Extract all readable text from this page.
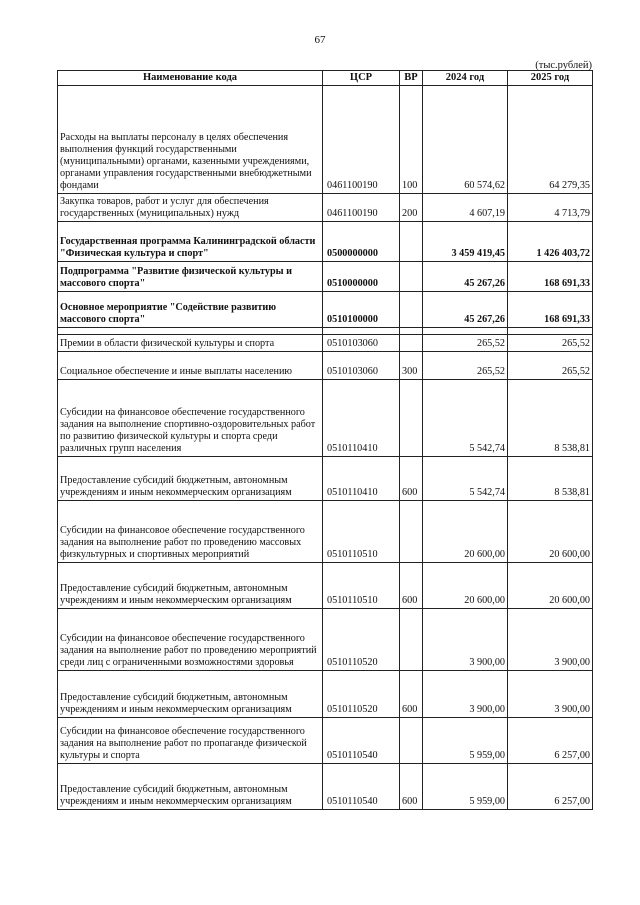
67
(тыс.рублей)
Наименование кода	ЦСР	ВР	2024 год	2025 год
Расходы на выплаты персоналу в целях обеспечения выполнения функций государственными (муниципальными) органами, казенными учреждениями, органами управления государственными внебюджетными фондами	0461100190	100	60 574,62	64 279,35
Закупка товаров, работ и услуг для обеспечения государственных (муниципальных) нужд	0461100190	200	4 607,19	4 713,79
Государственная программа Калининградской области "Физическая культура и спорт"	0500000000		3 459 419,45	1 426 403,72
Подпрограмма "Развитие физической культуры и массового спорта"	0510000000		45 267,26	168 691,33
Основное мероприятие "Содействие развитию массового спорта"	0510100000		45 267,26	168 691,33

Премии в области физической культуры и спорта	0510103060		265,52	265,52
Социальное обеспечение и иные выплаты населению	0510103060	300	265,52	265,52
Субсидии на финансовое обеспечение государственного задания на выполнение спортивно-оздоровительных работ по развитию физической культуры и спорта среди различных групп населения	0510110410		5 542,74	8 538,81
Предоставление субсидий бюджетным, автономным учреждениям и иным некоммерческим организациям	0510110410	600	5 542,74	8 538,81
Субсидии на финансовое обеспечение государственного задания на выполнение работ по проведению массовых физкультурных и спортивных мероприятий	0510110510		20 600,00	20 600,00
Предоставление субсидий бюджетным, автономным учреждениям и иным некоммерческим организациям	0510110510	600	20 600,00	20 600,00
Субсидии на финансовое обеспечение государственного задания на выполнение работ по проведению мероприятий среди лиц с ограниченными возможностями здоровья	0510110520		3 900,00	3 900,00
Предоставление субсидий бюджетным, автономным учреждениям и иным некоммерческим организациям	0510110520	600	3 900,00	3 900,00
Субсидии на финансовое обеспечение государственного задания на выполнение работ по пропаганде физической культуры и спорта	0510110540		5 959,00	6 257,00
Предоставление субсидий бюджетным, автономным учреждениям и иным некоммерческим организациям	0510110540	600	5 959,00	6 257,00
